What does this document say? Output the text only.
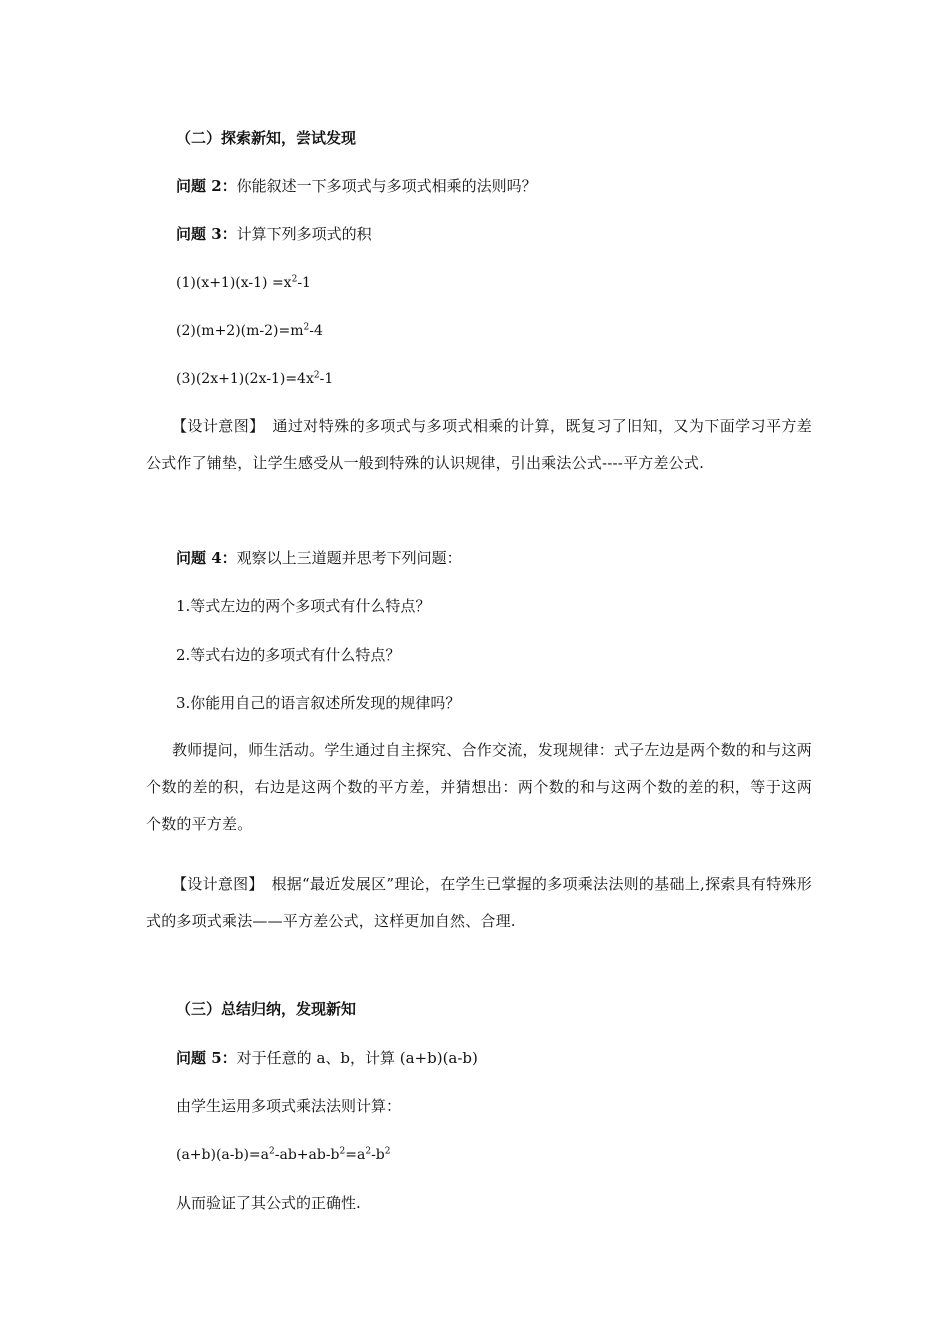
（二）探索新知，尝试发现
问题 2：你能叙述一下多项式与多项式相乘的法则吗？
问题 3：计算下列多项式的积
$(1)(x+1)(x-1) =x^2-1$
$(2)(m+2)(m-2)=m^2-4$
$(3)(2x+1)(2x-1)=4x^2-1$
【设计意图】　通过对特殊的多项式与多项式相乘的计算，既复习了旧知，又为下面学习平方差公式作了铺垫，让学生感受从一般到特殊的认识规律，引出乘法公式----平方差公式.
问题 4：观察以上三道题并思考下列问题：
1.等式左边的两个多项式有什么特点？
2.等式右边的多项式有什么特点？
3.你能用自己的语言叙述所发现的规律吗？
教师提问，师生活动。学生通过自主探究、合作交流，发现规律：式子左边是两个数的和与这两个数的差的积，右边是这两个数的平方差，并猜想出：两个数的和与这两个数的差的积，等于这两个数的平方差。
【设计意图】　根据“最近发展区”理论，在学生已掌握的多项乘法法则的基础上,探索具有特殊形式的多项式乘法——平方差公式，这样更加自然、合理.
（三）总结归纳，发现新知
问题 5：对于任意的 a、b，计算 (a+b)(a-b)
由学生运用多项式乘法法则计算：
$(a+b)(a-b)=a^2-ab+ab-b^2=a^2-b^2$
从而验证了其公式的正确性.
